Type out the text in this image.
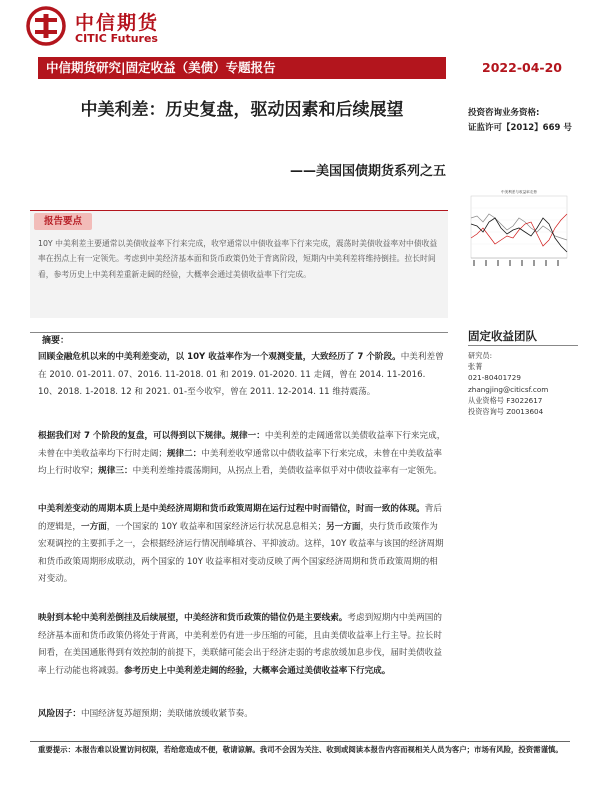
中信期货
CITIC Futures
中信期货研究|固定收益（美债）专题报告	2022-04-20
中美利差：历史复盘，驱动因素和后续展望
——美国国债期货系列之五
投资咨询业务资格:
证监许可【2012】669 号
中美利差与收益率走势
固定收益团队
研究员:
张菁
021-80401729
zhangjing@citicsf.com
从业资格号 F3022617
投资咨询号 Z0013604
报告要点
10Y 中美利差主要通常以美债收益率下行来完成，收窄通常以中债收益率下行来完成，震荡时美债收益率对中债收益率在拐点上有一定领先。考虑到中美经济基本面和货币政策仍处于背离阶段，短期内中美利差将维持倒挂。拉长时间看，参考历史上中美利差重新走阔的经验，大概率会通过美债收益率下行完成。
摘要：
回顾金融危机以来的中美利差变动，以 10Y 收益率作为一个观测变量，大致经历了 7 个阶段。中美利差曾在 2010. 01-2011. 07、2016. 11-2018. 01 和 2019. 01-2020. 11 走阔，曾在 2014. 11-2016. 10、2018. 1-2018. 12 和 2021. 01-至今收窄，曾在 2011. 12-2014. 11 维持震荡。
根据我们对 7 个阶段的复盘，可以得到以下规律。规律一：中美利差的走阔通常以美债收益率下行来完成，未曾在中美收益率均下行时走阔；规律二：中美利差收窄通常以中债收益率下行来完成，未曾在中美收益率均上行时收窄；规律三：中美利差维持震荡期间，从拐点上看，美债收益率似乎对中债收益率有一定领先。
中美利差变动的周期本质上是中美经济周期和货币政策周期在运行过程中时而错位，时而一致的体现。背后的逻辑是，一方面，一个国家的 10Y 收益率和国家经济运行状况息息相关；另一方面，央行货币政策作为宏观调控的主要抓手之一，会根据经济运行情况削峰填谷、平抑波动。这样，10Y 收益率与该国的经济周期和货币政策周期形成联动，两个国家的 10Y 收益率相对变动反映了两个国家经济周期和货币政策周期的相对变动。
映射到本轮中美利差倒挂及后续展望，中美经济和货币政策的错位仍是主要线索。考虑到短期内中美两国的经济基本面和货币政策仍将处于背离，中美利差仍有进一步压缩的可能，且由美债收益率上行主导。拉长时间看，在美国通胀得到有效控制的前提下，美联储可能会出于经济走弱的考虑放缓加息步伐，届时美债收益率上行动能也将减弱。参考历史上中美利差走阔的经验，大概率会通过美债收益率下行完成。
风险因子：中国经济复苏超预期；美联储放缓收紧节奏。
重要提示：本报告难以设置访问权限，若给您造成不便，敬请谅解。我司不会因为关注、收到或阅读本报告内容而视相关人员为客户；市场有风险，投资需谨慎。
